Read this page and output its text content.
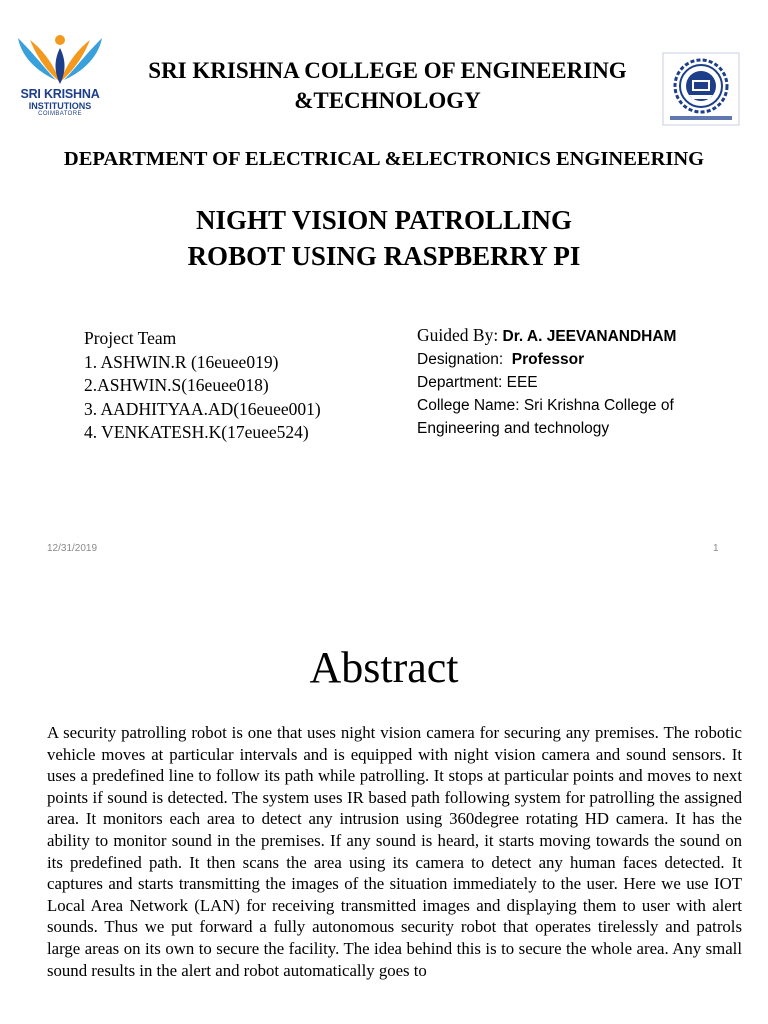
SRI KRISHNA
INSTITUTIONS
COIMBATORE
SRI KRISHNA COLLEGE OF ENGINEERING &TECHNOLOGY
DEPARTMENT OF ELECTRICAL &ELECTRONICS ENGINEERING
NIGHT VISION PATROLLING
ROBOT USING RASPBERRY PI
Project Team
1. ASHWIN.R (16euee019)
2.ASHWIN.S(16euee018)
3. AADHITYAA.AD(16euee001)
4. VENKATESH.K(17euee524)
Guided By: Dr. A. JEEVANANDHAM
Designation: Professor
Department: EEE
College Name: Sri Krishna College of
Engineering and technology
12/31/2019	1
Abstract
A security patrolling robot is one that uses night vision camera for securing any premises. The robotic vehicle moves at particular intervals and is equipped with night vision camera and sound sensors. It uses a predefined line to follow its path while patrolling. It stops at particular points and moves to next points if sound is detected. The system uses IR based path following system for patrolling the assigned area. It monitors each area to detect any intrusion using 360degree rotating HD camera. It has the ability to monitor sound in the premises. If any sound is heard, it starts moving towards the sound on its predefined path. It then scans the area using its camera to detect any human faces detected. It captures and starts transmitting the images of the situation immediately to the user. Here we use IOT Local Area Network (LAN) for receiving transmitted images and displaying them to user with alert sounds. Thus we put forward a fully autonomous security robot that operates tirelessly and patrols large areas on its own to secure the facility. The idea behind this is to secure the whole area. Any small sound results in the alert and robot automatically goes to
